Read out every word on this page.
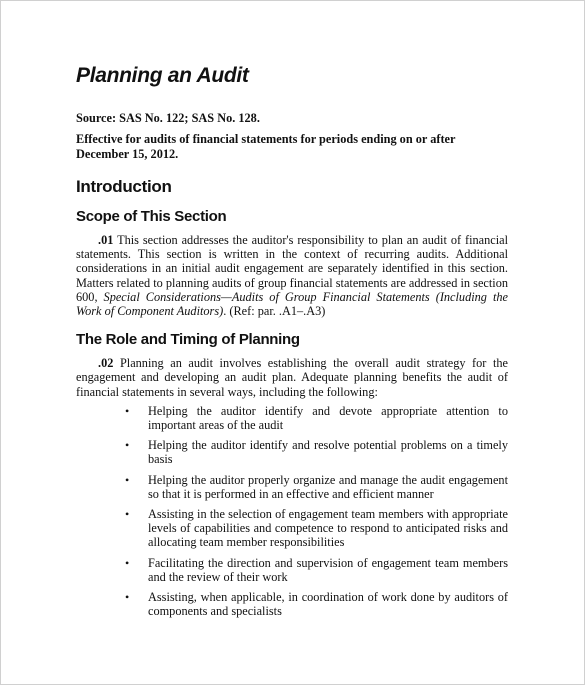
Planning an Audit

Source: SAS No. 122; SAS No. 128.

Effective for audits of financial statements for periods ending on or after December 15, 2012.

Introduction
Scope of This Section

.01 This section addresses the auditor's responsibility to plan an audit of financial statements. This section is written in the context of recurring audits. Additional considerations in an initial audit engagement are separately identified in this section. Matters related to planning audits of group financial statements are addressed in section 600, Special Considerations—Audits of Group Financial Statements (Including the Work of Component Auditors). (Ref: par. .A1–.A3)

The Role and Timing of Planning

.02 Planning an audit involves establishing the overall audit strategy for the engagement and developing an audit plan. Adequate planning benefits the audit of financial statements in several ways, including the following:

• Helping the auditor identify and devote appropriate attention to important areas of the audit
• Helping the auditor identify and resolve potential problems on a timely basis
• Helping the auditor properly organize and manage the audit engagement so that it is performed in an effective and efficient manner
• Assisting in the selection of engagement team members with appropriate levels of capabilities and competence to respond to anticipated risks and allocating team member responsibilities
• Facilitating the direction and supervision of engagement team members and the review of their work
• Assisting, when applicable, in coordination of work done by auditors of components and specialists
